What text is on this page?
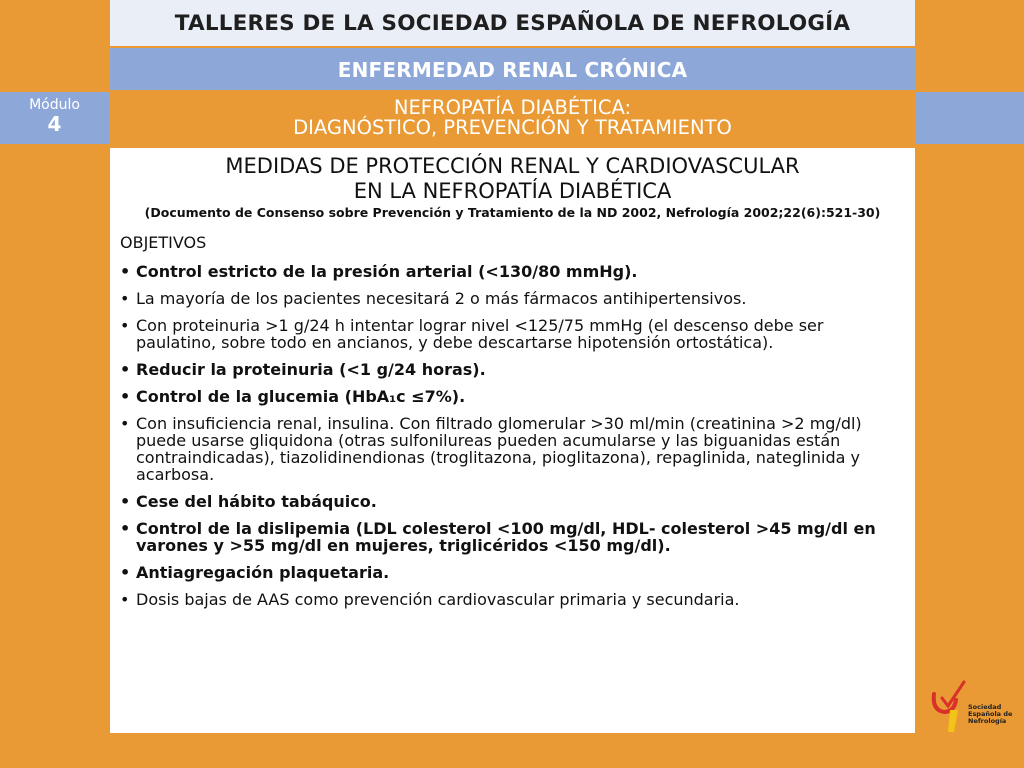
TALLERES DE LA SOCIEDAD ESPAÑOLA DE NEFROLOGÍA
ENFERMEDAD RENAL CRÓNICA
Módulo
4
NEFROPATÍA DIABÉTICA:
DIAGNÓSTICO, PREVENCIÓN Y TRATAMIENTO
MEDIDAS DE PROTECCIÓN RENAL Y CARDIOVASCULAR
EN LA NEFROPATÍA DIABÉTICA
(Documento de Consenso sobre Prevención y Tratamiento de la ND 2002, Nefrología 2002;22(6):521-30)
OBJETIVOS
• Control estricto de la presión arterial (<130/80 mmHg).
• La mayoría de los pacientes necesitará 2 o más fármacos antihipertensivos.
• Con proteinuria >1 g/24 h intentar lograr nivel <125/75 mmHg (el descenso debe ser paulatino, sobre todo en ancianos, y debe descartarse hipotensión ortostática).
• Reducir la proteinuria (<1 g/24 horas).
• Control de la glucemia (HbA₁c ≤7%).
• Con insuficiencia renal, insulina. Con filtrado glomerular >30 ml/min (creatinina >2 mg/dl) puede usarse gliquidona (otras sulfonilureas pueden acumularse y las biguanidas están contraindicadas), tiazolidinendionas (troglitazona, pioglitazona), repaglinida, nateglinida y acarbosa.
• Cese del hábito tabáquico.
• Control de la dislipemia (LDL colesterol <100 mg/dl, HDL- colesterol >45 mg/dl en varones y >55 mg/dl en mujeres, triglicéridos <150 mg/dl).
• Antiagregación plaquetaria.
• Dosis bajas de AAS como prevención cardiovascular primaria y secundaria.
Sociedad
Española de
Nefrología
